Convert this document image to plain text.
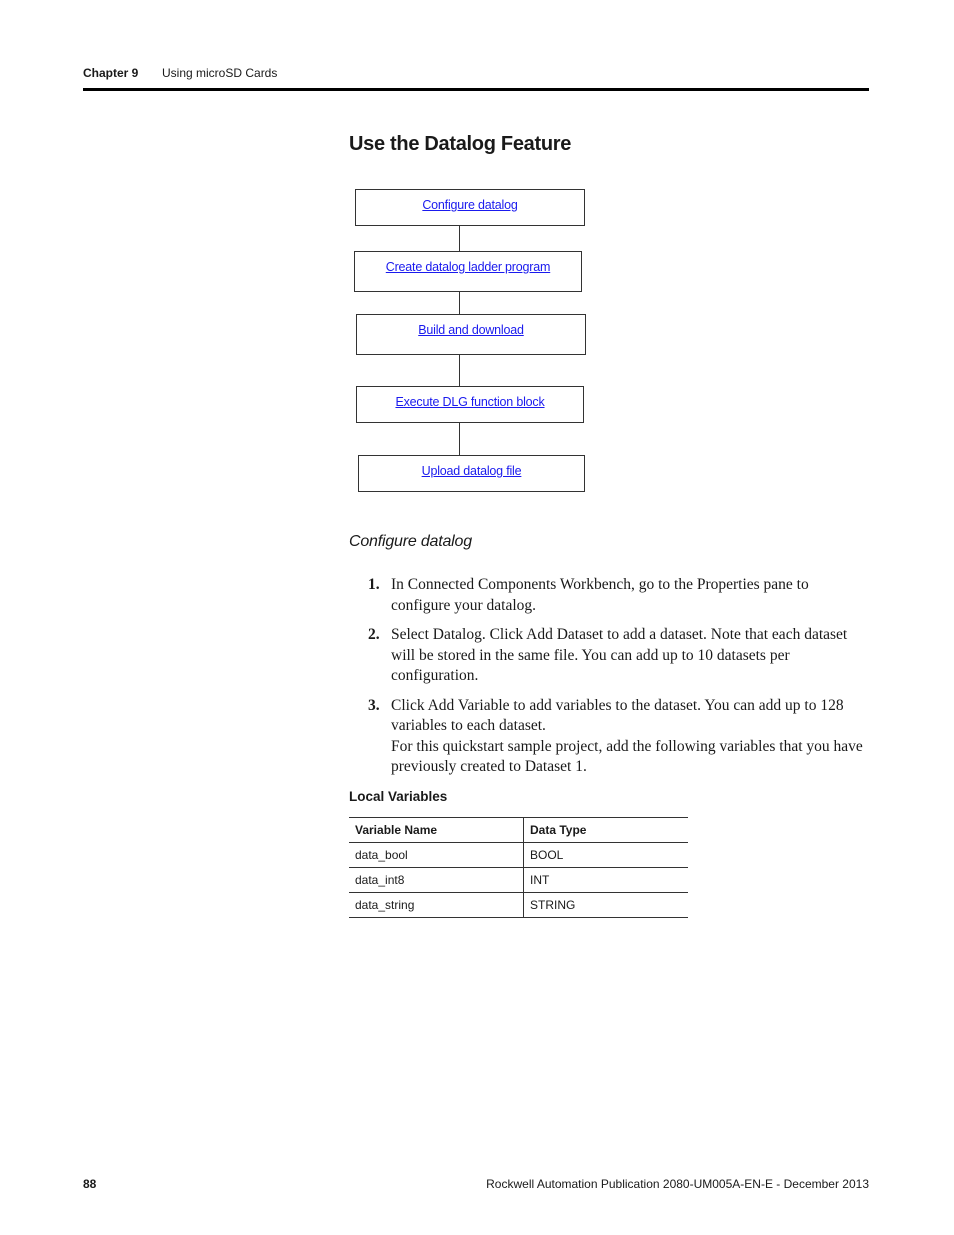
Chapter 9 Using microSD Cards
Use the Datalog Feature
Configure datalog
Create datalog ladder program
Build and download
Execute DLG function block
Upload datalog file
Configure datalog
1. In Connected Components Workbench, go to the Properties pane to configure your datalog.
2. Select Datalog. Click Add Dataset to add a dataset. Note that each dataset will be stored in the same file. You can add up to 10 datasets per configuration.
3. Click Add Variable to add variables to the dataset. You can add up to 128 variables to each dataset.
For this quickstart sample project, add the following variables that you have previously created to Dataset 1.
Local Variables
Variable Name	Data Type
data_bool	BOOL
data_int8	INT
data_string	STRING
88	Rockwell Automation Publication 2080-UM005A-EN-E - December 2013
